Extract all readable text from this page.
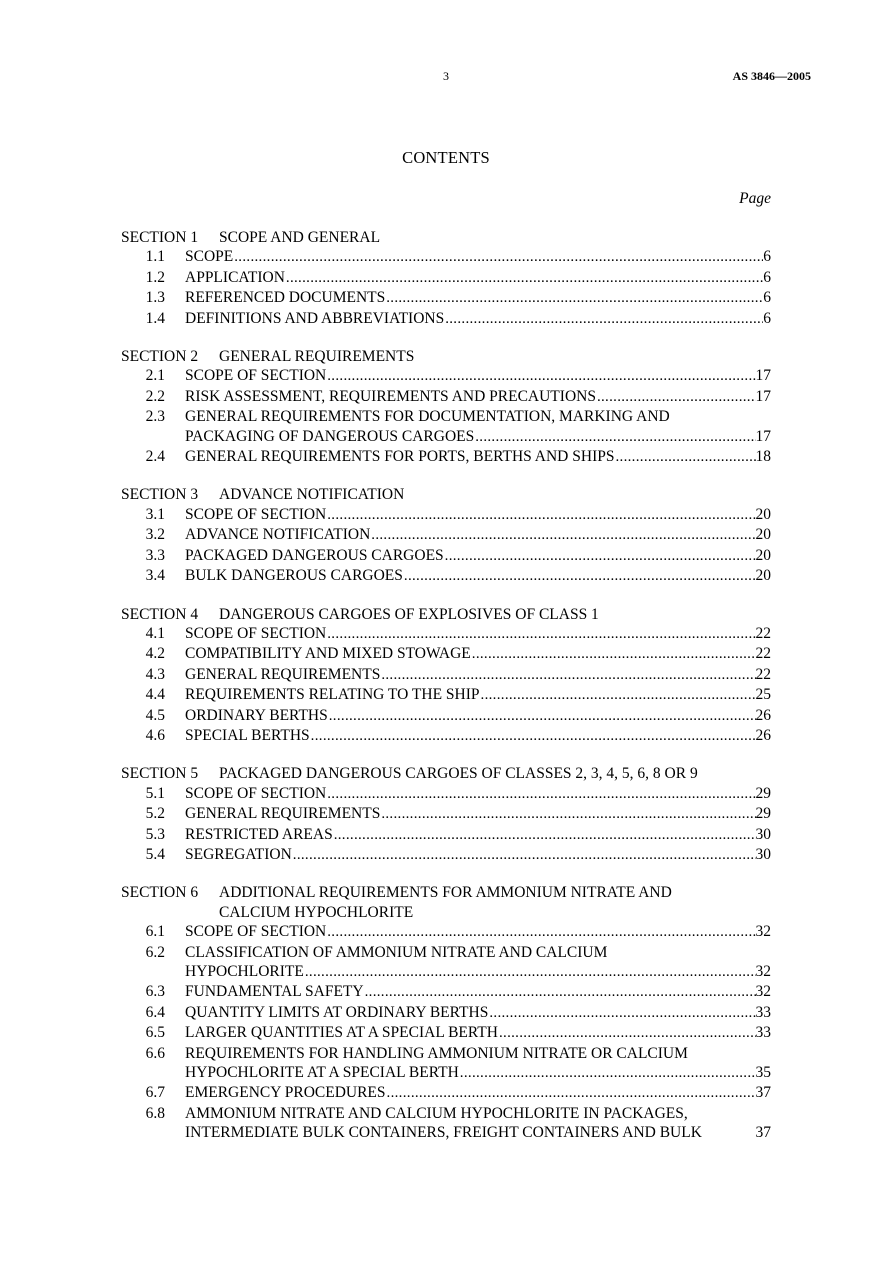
3	AS 3846—2005
CONTENTS
Page
SECTION 1 SCOPE AND GENERAL
1.1 SCOPE .....	6
1.2 APPLICATION .....	6
1.3 REFERENCED DOCUMENTS .....	6
1.4 DEFINITIONS AND ABBREVIATIONS .....	6
SECTION 2 GENERAL REQUIREMENTS
2.1 SCOPE OF SECTION .....	17
2.2 RISK ASSESSMENT, REQUIREMENTS AND PRECAUTIONS .....	17
2.3 GENERAL REQUIREMENTS FOR DOCUMENTATION, MARKING AND
PACKAGING OF DANGEROUS CARGOES .....	17
2.4 GENERAL REQUIREMENTS FOR PORTS, BERTHS AND SHIPS .....	18
SECTION 3 ADVANCE NOTIFICATION
3.1 SCOPE OF SECTION .....	20
3.2 ADVANCE NOTIFICATION .....	20
3.3 PACKAGED DANGEROUS CARGOES .....	20
3.4 BULK DANGEROUS CARGOES .....	20
SECTION 4 DANGEROUS CARGOES OF EXPLOSIVES OF CLASS 1
4.1 SCOPE OF SECTION .....	22
4.2 COMPATIBILITY AND MIXED STOWAGE .....	22
4.3 GENERAL REQUIREMENTS .....	22
4.4 REQUIREMENTS RELATING TO THE SHIP .....	25
4.5 ORDINARY BERTHS .....	26
4.6 SPECIAL BERTHS .....	26
SECTION 5 PACKAGED DANGEROUS CARGOES OF CLASSES 2, 3, 4, 5, 6, 8 OR 9
5.1 SCOPE OF SECTION .....	29
5.2 GENERAL REQUIREMENTS .....	29
5.3 RESTRICTED AREAS .....	30
5.4 SEGREGATION .....	30
SECTION 6 ADDITIONAL REQUIREMENTS FOR AMMONIUM NITRATE AND
CALCIUM HYPOCHLORITE
6.1 SCOPE OF SECTION .....	32
6.2 CLASSIFICATION OF AMMONIUM NITRATE AND CALCIUM
HYPOCHLORITE .....	32
6.3 FUNDAMENTAL SAFETY .....	32
6.4 QUANTITY LIMITS AT ORDINARY BERTHS .....	33
6.5 LARGER QUANTITIES AT A SPECIAL BERTH .....	33
6.6 REQUIREMENTS FOR HANDLING AMMONIUM NITRATE OR CALCIUM
HYPOCHLORITE AT A SPECIAL BERTH .....	35
6.7 EMERGENCY PROCEDURES .....	37
6.8 AMMONIUM NITRATE AND CALCIUM HYPOCHLORITE IN PACKAGES,
INTERMEDIATE BULK CONTAINERS, FREIGHT CONTAINERS AND BULK	37
